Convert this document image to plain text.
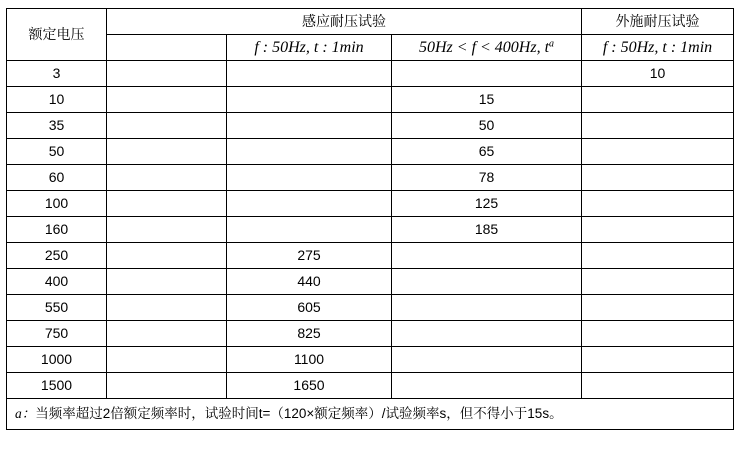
额定电压	感应耐压试验			外施耐压试验
		f : 50Hz, t : 1min	50Hz < f < 400Hz, $t^a$	f : 50Hz, t : 1min
3				10
10			15	
35			50	
50			65	
60			78	
100			125	
160			185	
250		275		
400		440		
550		605		
750		825		
1000		1100		
1500		1650		
a：当频率超过2倍额定频率时，试验时间t=（120×额定频率）/试验频率s，但不得小于15s。				
